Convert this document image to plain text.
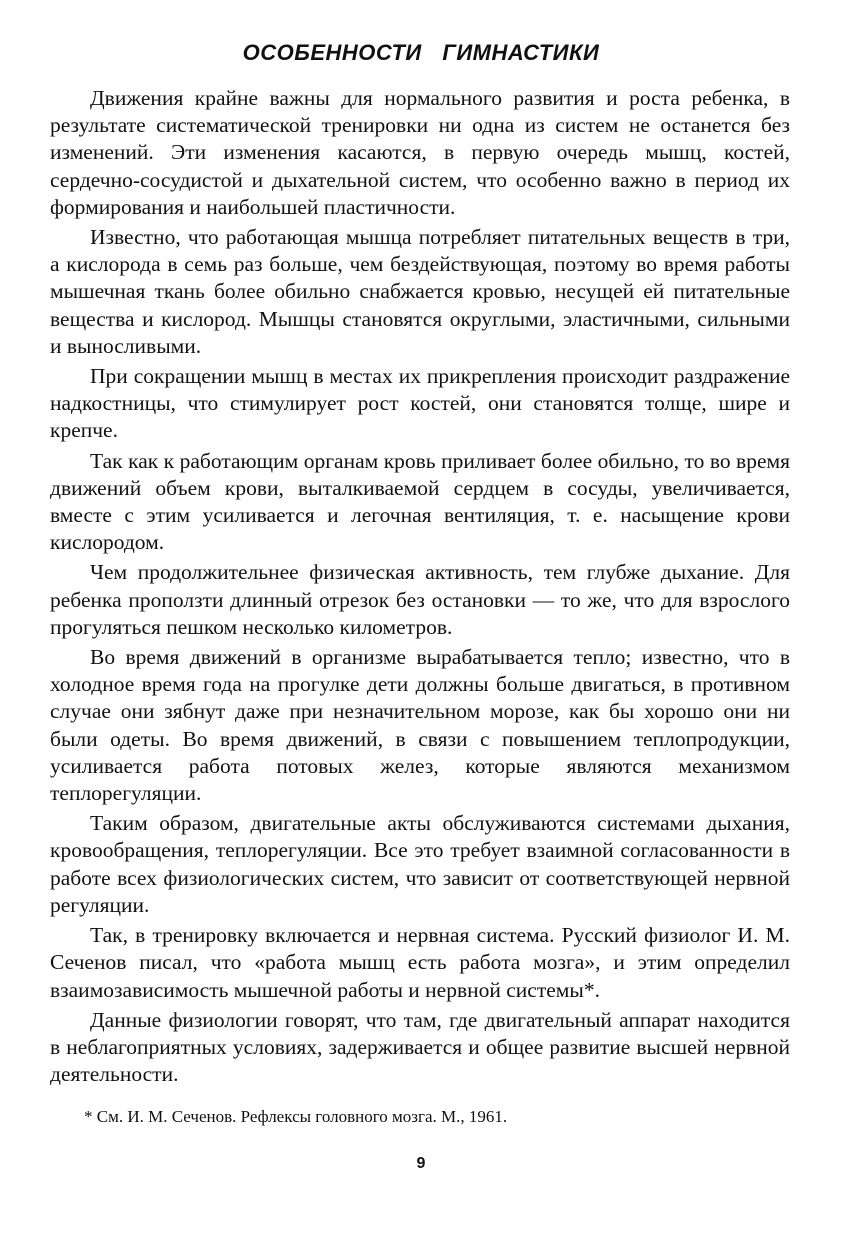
ОСОБЕННОСТИ ГИМНАСТИКИ

Движения крайне важны для нормального развития и роста ребенка, в результате систематической тренировки ни одна из систем не останется без изменений. Эти изменения касаются, в первую очередь мышц, костей, сердечно-сосудистой и дыхательной систем, что особенно важно в период их формирования и наибольшей пластичности.

Известно, что работающая мышца потребляет питательных веществ в три, а кислорода в семь раз больше, чем бездействующая, поэтому во время работы мышечная ткань более обильно снабжается кровью, несущей ей питательные вещества и кислород. Мышцы становятся округлыми, эластичными, сильными и выносливыми.

При сокращении мышц в местах их прикрепления происходит раздражение надкостницы, что стимулирует рост костей, они становятся толще, шире и крепче.

Так как к работающим органам кровь приливает более обильно, то во время движений объем крови, выталкиваемой сердцем в сосуды, увеличивается, вместе с этим усиливается и легочная вентиляция, т. е. насыщение крови кислородом.

Чем продолжительнее физическая активность, тем глубже дыхание. Для ребенка проползти длинный отрезок без остановки — то же, что для взрослого прогуляться пешком несколько километров.

Во время движений в организме вырабатывается тепло; известно, что в холодное время года на прогулке дети должны больше двигаться, в противном случае они зябнут даже при незначительном морозе, как бы хорошо они ни были одеты. Во время движений, в связи с повышением теплопродукции, усиливается работа потовых желез, которые являются механизмом теплорегуляции.

Таким образом, двигательные акты обслуживаются системами дыхания, кровообращения, теплорегуляции. Все это требует взаимной согласованности в работе всех физиологических систем, что зависит от соответствующей нервной регуляции.

Так, в тренировку включается и нервная система. Русский физиолог И. М. Сеченов писал, что «работа мышц есть работа мозга», и этим определил взаимозависимость мышечной работы и нервной системы*.

Данные физиологии говорят, что там, где двигательный аппарат находится в неблагоприятных условиях, задерживается и общее развитие высшей нервной деятельности.

* См. И. М. Сеченов. Рефлексы головного мозга. М., 1961.

9
